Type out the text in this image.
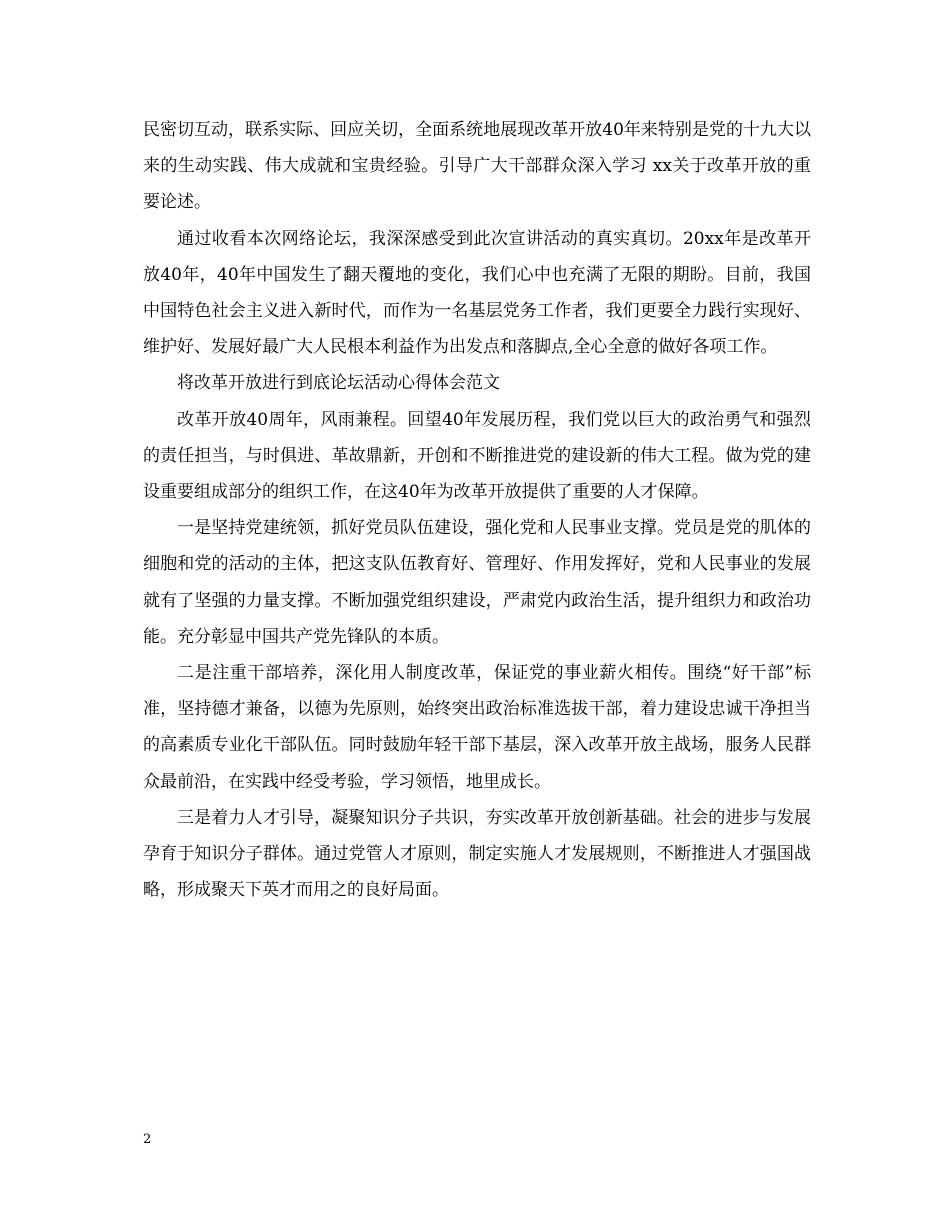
民密切互动，联系实际、回应关切，全面系统地展现改革开放40年来特别是党的十九大以来的生动实践、伟大成就和宝贵经验。引导广大干部群众深入学习 xx关于改革开放的重要论述。

通过收看本次网络论坛，我深深感受到此次宣讲活动的真实真切。20xx年是改革开放40年，40年中国发生了翻天覆地的变化，我们心中也充满了无限的期盼。目前，我国中国特色社会主义进入新时代，而作为一名基层党务工作者，我们更要全力践行实现好、维护好、发展好最广大人民根本利益作为出发点和落脚点,全心全意的做好各项工作。

将改革开放进行到底论坛活动心得体会范文

改革开放40周年，风雨兼程。回望40年发展历程，我们党以巨大的政治勇气和强烈的责任担当，与时俱进、革故鼎新，开创和不断推进党的建设新的伟大工程。做为党的建设重要组成部分的组织工作，在这40年为改革开放提供了重要的人才保障。

一是坚持党建统领，抓好党员队伍建设，强化党和人民事业支撑。党员是党的肌体的细胞和党的活动的主体，把这支队伍教育好、管理好、作用发挥好，党和人民事业的发展就有了坚强的力量支撑。不断加强党组织建设，严肃党内政治生活，提升组织力和政治功能。充分彰显中国共产党先锋队的本质。

二是注重干部培养，深化用人制度改革，保证党的事业薪火相传。围绕“好干部”标准，坚持德才兼备，以德为先原则，始终突出政治标准选拔干部，着力建设忠诚干净担当的高素质专业化干部队伍。同时鼓励年轻干部下基层，深入改革开放主战场，服务人民群众最前沿，在实践中经受考验，学习领悟，地里成长。

三是着力人才引导，凝聚知识分子共识，夯实改革开放创新基础。社会的进步与发展孕育于知识分子群体。通过党管人才原则，制定实施人才发展规则，不断推进人才强国战略，形成聚天下英才而用之的良好局面。

2
